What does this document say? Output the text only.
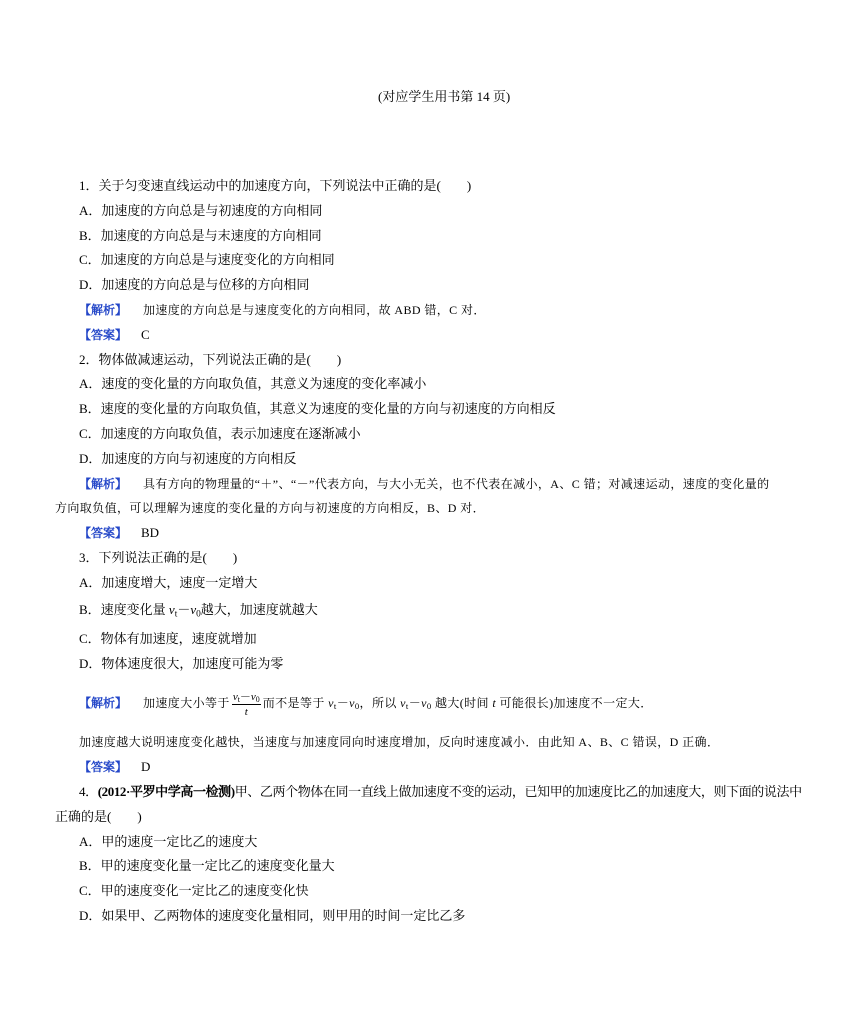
(对应学生用书第 14 页)
1．关于匀变速直线运动中的加速度方向，下列说法中正确的是(　　)
A．加速度的方向总是与初速度的方向相同
B．加速度的方向总是与末速度的方向相同
C．加速度的方向总是与速度变化的方向相同
D．加速度的方向总是与位移的方向相同
【解析】 加速度的方向总是与速度变化的方向相同，故 ABD 错，C 对．
【答案】 C
2．物体做减速运动，下列说法正确的是(　　)
A．速度的变化量的方向取负值，其意义为速度的变化率减小
B．速度的变化量的方向取负值，其意义为速度的变化量的方向与初速度的方向相反
C．加速度的方向取负值，表示加速度在逐渐减小
D．加速度的方向与初速度的方向相反
【解析】 具有方向的物理量的“＋”、“－”代表方向，与大小无关，也不代表在减小，A、C 错；对减速运动，速度的变化量的
方向取负值，可以理解为速度的变化量的方向与初速度的方向相反，B、D 对．
【答案】 BD
3．下列说法正确的是(　　)
A．加速度增大，速度一定增大
B．速度变化量 $v_t-v_0$越大，加速度就越大
C．物体有加速度，速度就增加
D．物体速度很大，加速度可能为零
【解析】 加速度大小等于 $\frac{v_t-v_0}{t}$ 而不是等于 $v_t-v_0$，所以 $v_t-v_0$ 越大(时间 t 可能很长)加速度不一定大．
加速度越大说明速度变化越快，当速度与加速度同向时速度增加，反向时速度减小．由此知 A、B、C 错误，D 正确．
【答案】 D
4．(2012·平罗中学高一检测)甲、乙两个物体在同一直线上做加速度不变的运动，已知甲的加速度比乙的加速度大，则下面的说法中
正确的是(　　)
A．甲的速度一定比乙的速度大
B．甲的速度变化量一定比乙的速度变化量大
C．甲的速度变化一定比乙的速度变化快
D．如果甲、乙两物体的速度变化量相同，则甲用的时间一定比乙多
